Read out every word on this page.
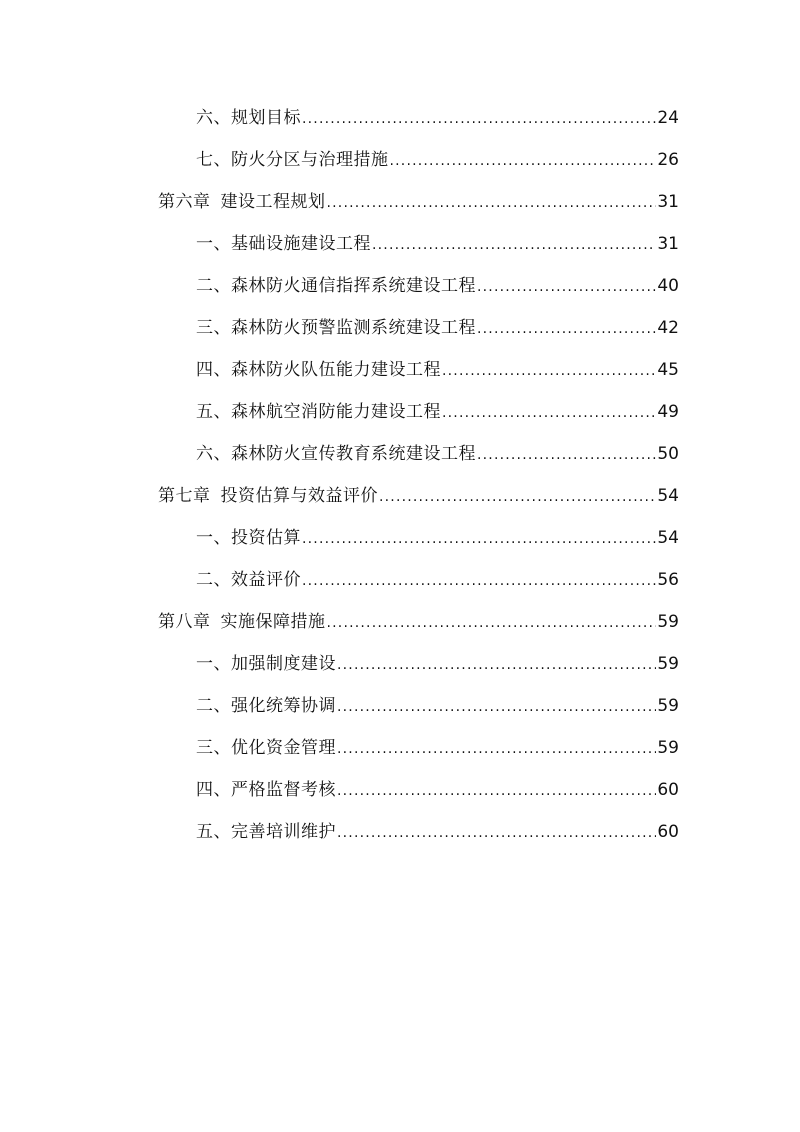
六、规划目标 .....	24
七、防火分区与治理措施 .....	26
第六章 建设工程规划 .....	31
一、基础设施建设工程 .....	31
二、森林防火通信指挥系统建设工程 .....	40
三、森林防火预警监测系统建设工程 .....	42
四、森林防火队伍能力建设工程 .....	45
五、森林航空消防能力建设工程 .....	49
六、森林防火宣传教育系统建设工程 .....	50
第七章 投资估算与效益评价 .....	54
一、投资估算 .....	54
二、效益评价 .....	56
第八章 实施保障措施 .....	59
一、加强制度建设 .....	59
二、强化统筹协调 .....	59
三、优化资金管理 .....	59
四、严格监督考核 .....	60
五、完善培训维护 .....	60
